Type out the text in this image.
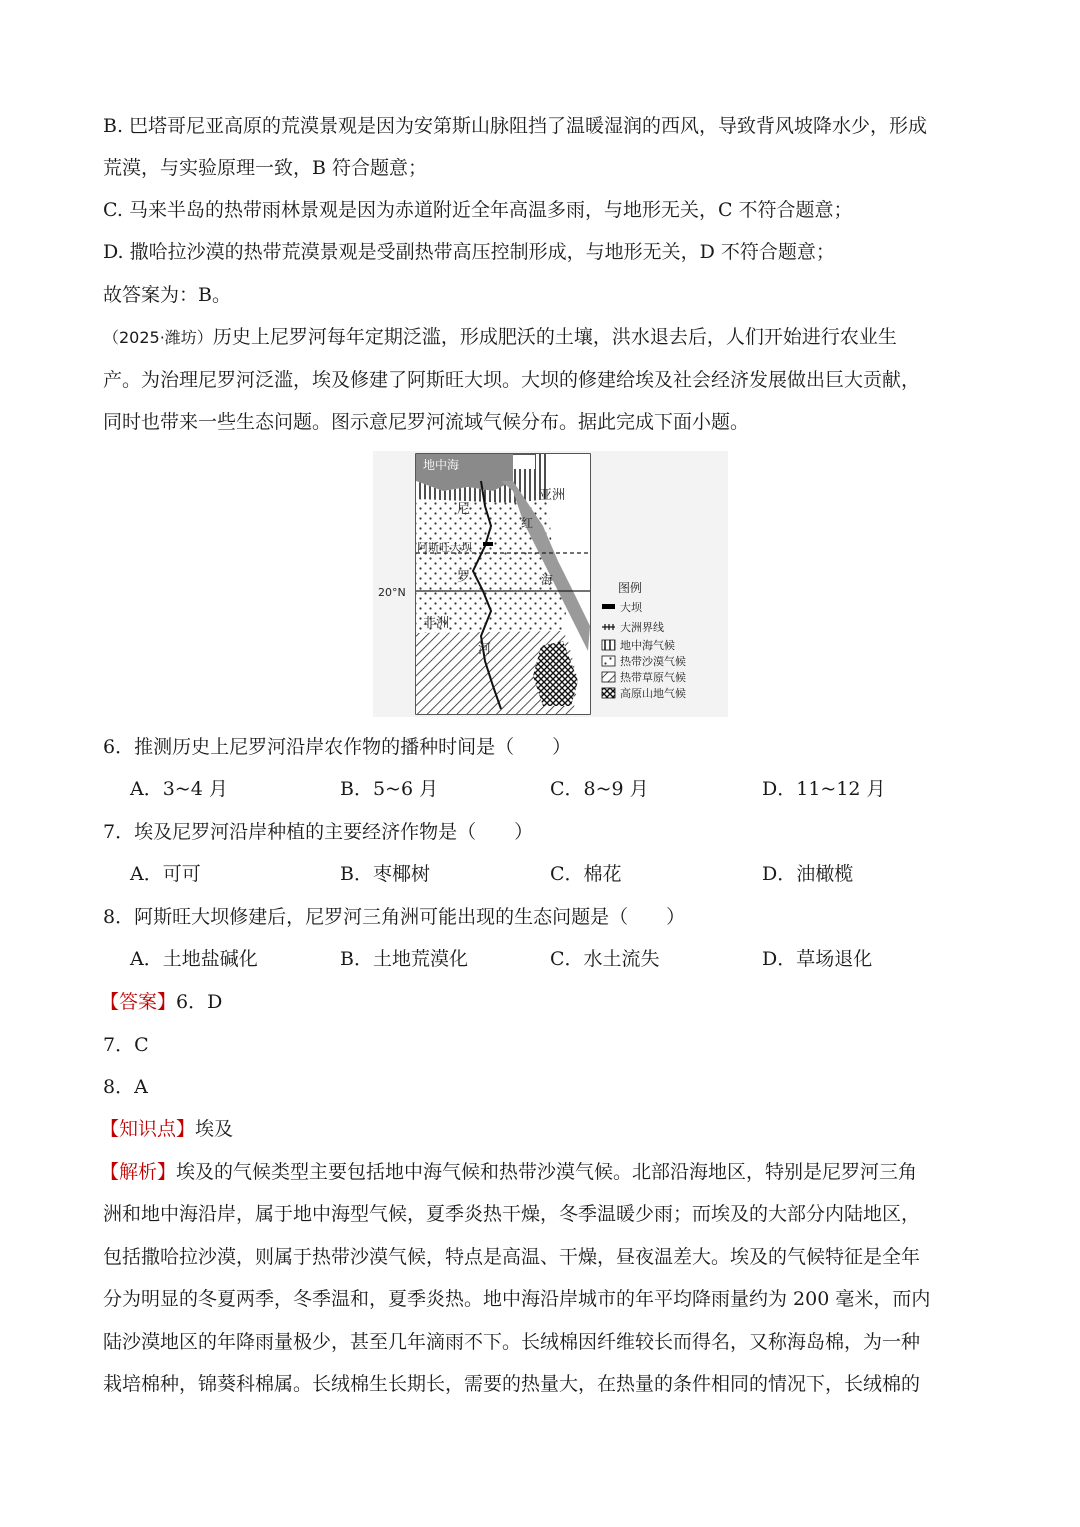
B. 巴塔哥尼亚高原的荒漠景观是因为安第斯山脉阻挡了温暖湿润的西风，导致背风坡降水少，形成
荒漠，与实验原理一致，B 符合题意；
C. 马来半岛的热带雨林景观是因为赤道附近全年高温多雨，与地形无关，C 不符合题意；
D. 撒哈拉沙漠的热带荒漠景观是受副热带高压控制形成，与地形无关，D 不符合题意；
故答案为：B。
（2025·潍坊）历史上尼罗河每年定期泛滥，形成肥沃的土壤，洪水退去后，人们开始进行农业生
产。为治理尼罗河泛滥，埃及修建了阿斯旺大坝。大坝的修建给埃及社会经济发展做出巨大贡献，
同时也带来一些生态问题。图示意尼罗河流域气候分布。据此完成下面小题。
地中海
亚洲
非洲
阿斯旺大坝
尼
罗
河
红
海
20°N	图例
大坝
大洲界线
地中海气候
热带沙漠气候
热带草原气候
高原山地气候
6．推测历史上尼罗河沿岸农作物的播种时间是（　　）
A．3~4 月	B．5~6 月	C．8~9 月	D．11~12 月
7．埃及尼罗河沿岸种植的主要经济作物是（　　）
A．可可	B．枣椰树	C．棉花	D．油橄榄
8．阿斯旺大坝修建后，尼罗河三角洲可能出现的生态问题是（　　）
A．土地盐碱化	B．土地荒漠化	C．水土流失	D．草场退化
【答案】6．D
7．C
8．A
【知识点】埃及
【解析】埃及的气候类型主要包括地中海气候和热带沙漠气候。北部沿海地区，特别是尼罗河三角
洲和地中海沿岸，属于地中海型气候，夏季炎热干燥，冬季温暖少雨；而埃及的大部分内陆地区，
包括撒哈拉沙漠，则属于热带沙漠气候，特点是高温、干燥，昼夜温差大。埃及的气候特征是全年
分为明显的冬夏两季，冬季温和，夏季炎热。地中海沿岸城市的年平均降雨量约为 200 毫米，而内
陆沙漠地区的年降雨量极少，甚至几年滴雨不下。长绒棉因纤维较长而得名，又称海岛棉，为一种
栽培棉种，锦葵科棉属。长绒棉生长期长，需要的热量大，在热量的条件相同的情况下，长绒棉的
